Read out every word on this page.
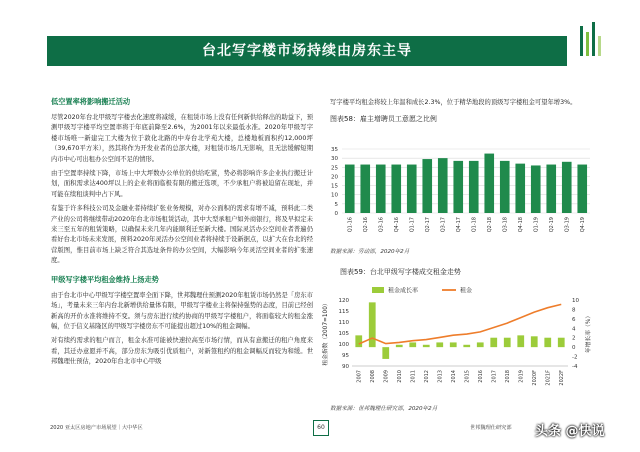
台北写字楼市场持续由房东主导

低空置率将影响搬迁活动

尽管2020年台北甲级写字楼去化速度将减缓，在租赁市场上没有任何新供给释出的助益下，预测甲级写字楼平均空置率将于年底前降至2.6%，为2001年以来最低水准。2020年甲级写字楼市场唯一新建完工大楼为位于敦化北路的中寿台北学苑大楼，总楼地板面积约12,000坪（39,670平方米），然其将作为开发业者的总部大楼，对租赁市场几无影响，且无法缓解短期内市中心可出租办公空间不足的情形。

由于空置率持续下降，市场上中大坪数办公单位的供给吃紧，势必将影响许多企业执行搬迁计划，面积需求达400坪以上的企业将面临极有限的搬迁选项，不少承租户将被迫留在现址，并可能在续租谈判中占下风。

有鉴于许多科技公司及金融业者持续扩张业务规模，对办公面积的需求有增不减，预料此二类产业的公司将继续带动2020年台北市场租赁活动，其中大型承租户如外商银行，将及早拟定未来三至五年的租赁策略，以确保未来几年内能顺利迁至新大楼。国际灵活办公空间业者普遍仍看好台北市场未来发展，预料2020年灵活办公空间业者将持续于设新据点，以扩大在台北的经营版图，惟目前市场上缺乏符合其选址条件的办公空间，大幅影响今年灵活空间业者的扩张速度。

甲级写字楼平均租金维持上扬走势

由于台北市中心甲级写字楼空置率全面下降，世邦魏理仕预测2020年租赁市场仍然是「房东市场」，考量未来三年内台北新增供给量体有限，甲级写字楼业主将保持强势的态度，目前已经创新高的开价水准将维持不变。须与房东进行续约协商的甲级写字楼租户，将面临较大的租金涨幅，位于信义基隆区的甲级写字楼房东不可能提出超过10%的租金调幅。

对有续约需求的租户而言，租金水准可能被快速拉高至市场行情，而从有意搬迁的租户角度来看，其迁办意愿并不高，部分房东为吸引优质租户，对新签租约的租金调幅反而较为和缓。世邦魏理仕预估，2020年台北市中心甲级

写字楼平均租金将较上年温和成长2.3%，位于精华地段的顶级写字楼租金可望年增3%。

图表58：雇主增聘员工意愿之比例

0
5
10
15
20
25
30
35
Q1-16 Q2-16 Q3-16 Q4-16 Q1-17 Q2-17 Q3-17 Q4-17 Q1-18 Q2-18 Q3-18 Q4-18 Q1-19 Q2-19 Q3-19 Q4-19
数据来源：劳动部，2020年2月
图表59：台北甲级写字楼成交租金走势
租金成长率	租金
90
95
100
105
110
115
120
-4
-2
0
2
4
6
8
10
租金指数（2007=100）	年增长率（%）
2007 2008 2009 2010 2011 2012 2013 2014 2015 2016 2017 2018 2019 2020F 2021F 2022F
数据来源：世邦魏理仕研究部，2020年2月
2020 亚太区房地产市场展望｜大中华区	60	世邦魏理仕研究部 头条 @快说
